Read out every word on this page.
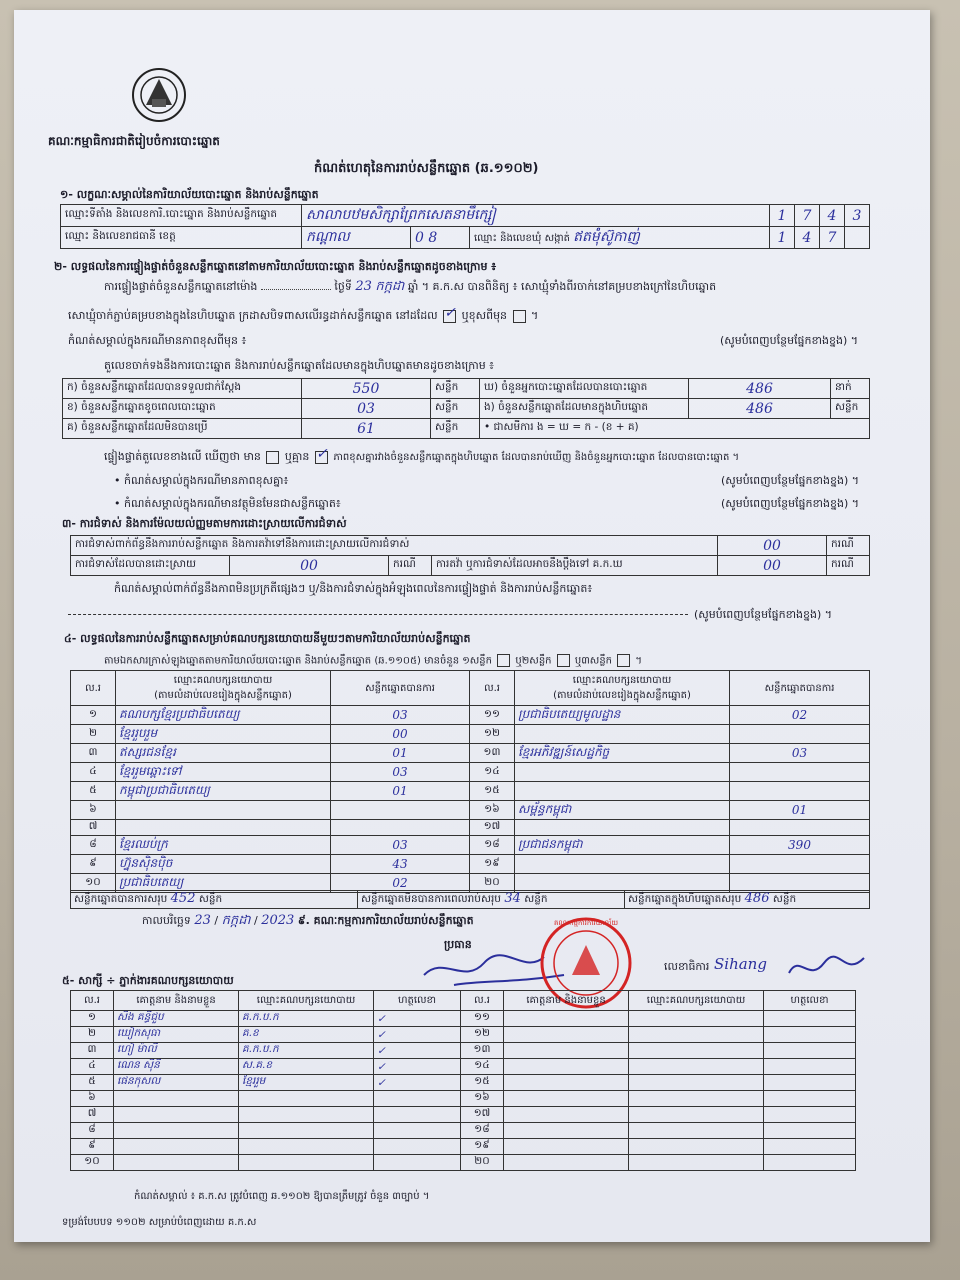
គណៈកម្មាធិការជាតិរៀបចំការបោះឆ្នោត
កំណត់ហេតុនៃការរាប់សន្លឹកឆ្នោត (ឆ.១១០២)
១- លក្ខណៈសម្គាល់នៃការិយាល័យបោះឆ្នោត និងរាប់សន្លឹកឆ្នោត
ឈ្មោះទីតាំង និងលេខការិ.បោះឆ្នោត និងរាប់សន្លឹកឆ្នោត	សាលាបឋមសិក្សាព្រែកសេតនាមឹក្សៀ			1	7	4	3
ឈ្មោះ និងលេខរាជធានី ខេត្ត	កណ្ដាល	0 8	ឈ្មោះ និងលេខឃុំ សង្កាត់ ឥតម៉ុំស៊ូកាញ់	1	4	7	
២- លទ្ធផលនៃការផ្ទៀងផ្ទាត់ចំនួនសន្លឹកឆ្នោតនៅតាមការិយាល័យបោះឆ្នោត និងរាប់សន្លឹកឆ្នោតដូចខាងក្រោម ៖
ការផ្ទៀងផ្ទាត់ចំនួនសន្លឹកឆ្នោតនៅម៉ោង	ថ្ងៃទី 23 កក្កដា ឆ្នាំ ។ គ.ក.ស បានពិនិត្យ ៖ សោឃ្មុំទាំងពីរចាក់នៅគម្របខាងក្រៅនៃហិបឆ្នោត
សោឃ្មុំចាក់ភ្ជាប់គម្របខាងក្នុងនៃហិបឆ្នោត ក្រដាសបិទពាសលើរន្ធដាក់សន្លឹកឆ្នោត នៅដដែល ✓ ឬខុសពីមុន  ។
កំណត់សម្គាល់ក្នុងករណីមានភាពខុសពីមុន ៖	(សូមបំពេញបន្ថែមផ្នែកខាងខ្នង) ។
តួលេខចាក់ទងនឹងការបោះឆ្នោត និងការរាប់សន្លឹកឆ្នោតដែលមានក្នុងហិបឆ្នោតមានដូចខាងក្រោម ៖
ក) ចំនួនសន្លឹកឆ្នោតដែលបានទទួលជាក់ស្ដែង	550	សន្លឹក	ឃ) ចំនួនអ្នកបោះឆ្នោតដែលបានបោះឆ្នោត	486	នាក់
ខ) ចំនួនសន្លឹកឆ្នោតខូចពេលបោះឆ្នោត	03	សន្លឹក	ង) ចំនួនសន្លឹកឆ្នោតដែលមានក្នុងហិបឆ្នោត	486	សន្លឹក
គ) ចំនួនសន្លឹកឆ្នោតដែលមិនបានប្រើ	61	សន្លឹក	• ជាសមីការ ង = ឃ = ក - (ខ + គ)		
ផ្ទៀងផ្ទាត់តួលេខខាងលើ ឃើញថា មាន ឬគ្មាន ✓ ភាពខុសគ្នារវាងចំនួនសន្លឹកឆ្នោតក្នុងហិបឆ្នោត ដែលបានរាប់ឃើញ និងចំនួនអ្នកបោះឆ្នោត ដែលបានបោះឆ្នោត ។
• កំណត់សម្គាល់ក្នុងករណីមានភាពខុសគ្នា៖	(សូមបំពេញបន្ថែមផ្នែកខាងខ្នង) ។
• កំណត់សម្គាល់ក្នុងករណីមានវត្ថុមិនមែនជាសន្លឹកឆ្នោត៖	(សូមបំពេញបន្ថែមផ្នែកខាងខ្នង) ។
៣- ការជំទាស់ និងការម៉ែលយល់ញ្ញមតាមការដោះស្រាយលើការជំទាស់
ការជំទាស់ពាក់ព័ន្ធនឹងការរាប់សន្លឹកឆ្នោត និងការតវ៉ាទៅនឹងការដោះស្រាយលើការជំទាស់				00	ករណី
ការជំទាស់ដែលបានដោះស្រាយ	00	ករណី	ការតវ៉ា ឬការជំទាស់ដែលអាចនឹងប្ដឹងទៅ គ.ក.ឃ	00	ករណី
កំណត់សម្គាល់ពាក់ព័ន្ធនឹងភាពមិនប្រក្រតីផ្សេងៗ ឬ/និងការជំទាស់ក្នុងអំឡុងពេលនៃការផ្ទៀងផ្ទាត់ និងការរាប់សន្លឹកឆ្នោត៖
(សូមបំពេញបន្ថែមផ្នែកខាងខ្នង) ។
៤- លទ្ធផលនៃការរាប់សន្លឹកឆ្នោតសម្រាប់គណបក្សនយោបាយនីមួយៗតាមការិយាល័យរាប់សន្លឹកឆ្នោត
តាមឯកសារក្រាស់ឡុងឆ្នោតតាមការិយាល័យបោះឆ្នោត និងរាប់សន្លឹកឆ្នោត (ឆ.១១០៥) មានចំនួន ១សន្លឹក ឬ២សន្លឹក ឬ៣សន្លឹក  ។
ល.រ	ឈ្មោះគណបក្សនយោបាយ
(តាមលំដាប់លេខរៀងក្នុងសន្លឹកឆ្នោត)	សន្លឹកឆ្នោតបានការ	ល.រ	ឈ្មោះគណបក្សនយោបាយ
(តាមលំដាប់លេខរៀងក្នុងសន្លឹកឆ្នោត)	សន្លឹកឆ្នោតបានការ
១	គណបក្សខ្មែរប្រជាធិបតេយ្យ	03	១១	ប្រជាធិបតេយ្យមូលដ្ឋាន	02
២	ខ្មែររួបរួម	00	១២		
៣	ឥស្សរជនខ្មែរ	01	១៣	ខ្មែរអភិវឌ្ឍន៍សេដ្ឋកិច្ច	03
៤	ខ្មែររួមឆ្ពោះទៅ	03	១៤		
៥	កម្ពុជាប្រជាធិបតេយ្យ	01	១៥		
៦			១៦	សម្ព័ន្ធកម្ពុជា	01
៧			១៧		
៨	ខ្មែរឈប់ក្រ	03	១៨	ប្រជាជនកម្ពុជា	390
៩	ហ្វ៊ុនស៊ិនប៉ិច	43	១៩		
១០	ប្រជាធិបតេយ្យ	02	២០		
សន្លឹកឆ្នោតបានការសរុប 452 សន្លឹក	សន្លឹកឆ្នោតមិនបានការពេលរាប់សរុប 34 សន្លឹក	សន្លឹកឆ្នោតក្នុងហិបឆ្នោតសរុប 486 សន្លឹក
កាលបរិច្ឆេទ 23 / កក្កដា / 2023 ៩. គណៈកម្មការការិយាល័យរាប់សន្លឹកឆ្នោត
ប្រធាន
លេខាធិការ Sihang
គណៈកម្មការការិយាល័យ
៥- សាក្សី ÷ ភ្នាក់ងារគណបក្សនយោបាយ
ល.រ	គោត្តនាម និងនាមខ្លួន	ឈ្មោះគណបក្សនយោបាយ	ហត្ថលេខា	ល.រ	គោត្តនាម និងនាមខ្លួន	ឈ្មោះគណបក្សនយោបាយ	ហត្ថលេខា
១	សឹង គន្ធីជួប	គ.ក.ប.ក	✓	១១			
២	ឃៀកសុធា	គ.ខ	✓	១២			
៣	ហៀ ម៉ាលី	គ.ក.ប.ក	✓	១៣			
៤	ណេន ស៊ីនី	ស.គ.ខ	✓	១៤			
៥	ផេនកុសល	ខ្មែររួម	✓	១៥			
៦				១៦			
៧				១៧			
៨				១៨			
៩				១៩			
១០				២០			
កំណត់សម្គាល់ ៖ គ.ក.ស ត្រូវបំពេញ ឆ.១១០២ ឱ្យបានត្រឹមត្រូវ ចំនួន ៣ច្បាប់ ។
ទម្រង់បែបបទ ១១០២ សម្រាប់បំពេញដោយ គ.ក.ស
